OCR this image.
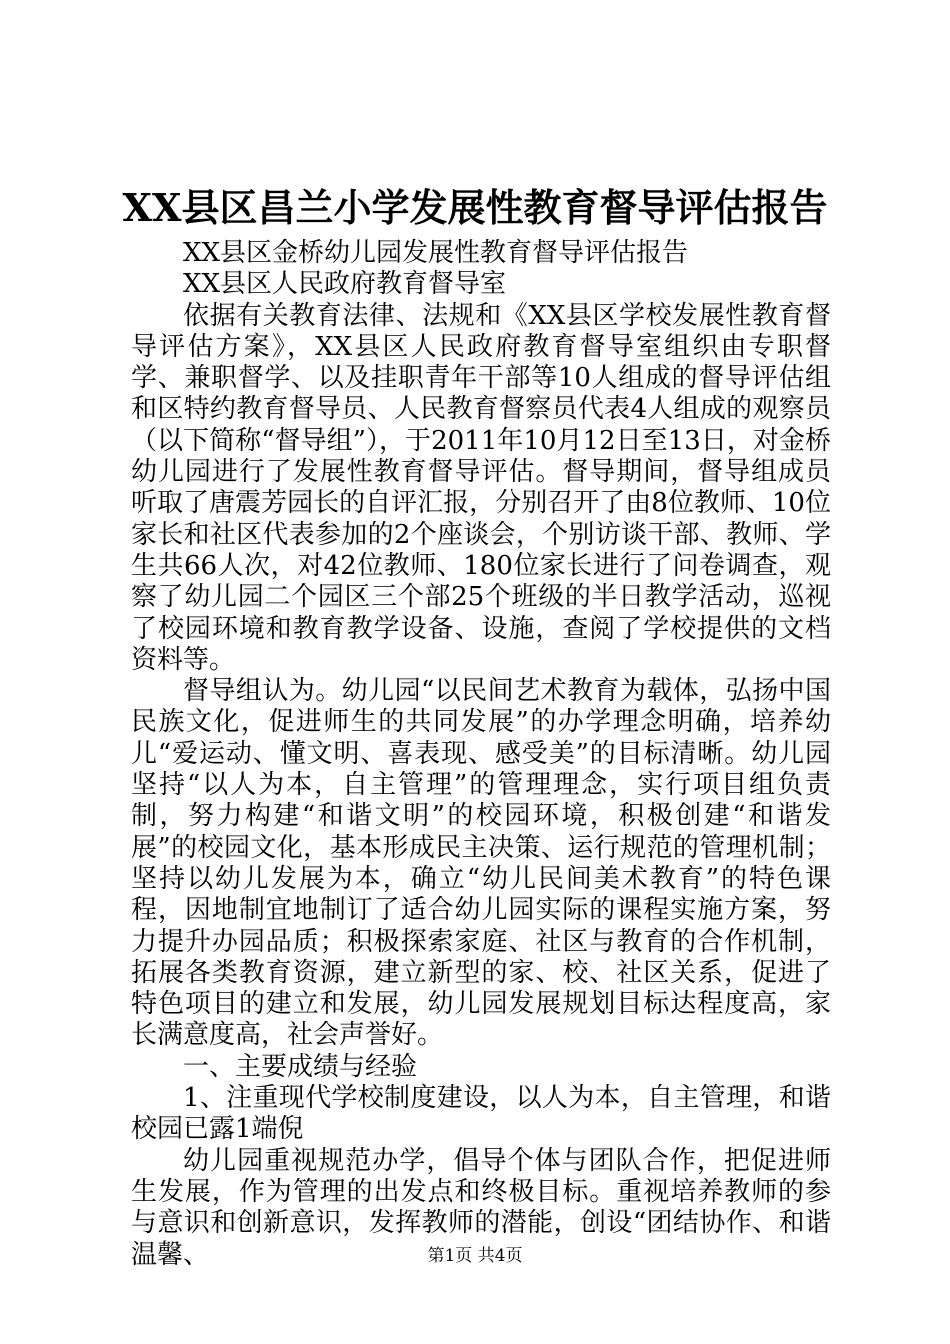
XX县区昌兰小学发展性教育督导评估报告

XX县区金桥幼儿园发展性教育督导评估报告

XX县区人民政府教育督导室

依据有关教育法律、法规和《XX县区学校发展性教育督导评估方案》，XX县区人民政府教育督导室组织由专职督学、兼职督学、以及挂职青年干部等10人组成的督导评估组和区特约教育督导员、人民教育督察员代表4人组成的观察员（以下简称“督导组”），于2011年10月12日至13日，对金桥幼儿园进行了发展性教育督导评估。督导期间，督导组成员听取了唐震芳园长的自评汇报，分别召开了由8位教师、10位家长和社区代表参加的2个座谈会，个别访谈干部、教师、学生共66人次，对42位教师、180位家长进行了问卷调查，观察了幼儿园二个园区三个部25个班级的半日教学活动，巡视了校园环境和教育教学设备、设施，查阅了学校提供的文档资料等。

督导组认为。幼儿园“以民间艺术教育为载体，弘扬中国民族文化，促进师生的共同发展”的办学理念明确，培养幼儿“爱运动、懂文明、喜表现、感受美”的目标清晰。幼儿园坚持“以人为本，自主管理”的管理理念，实行项目组负责制，努力构建“和谐文明”的校园环境，积极创建“和谐发展”的校园文化，基本形成民主决策、运行规范的管理机制；坚持以幼儿发展为本，确立“幼儿民间美术教育”的特色课程，因地制宜地制订了适合幼儿园实际的课程实施方案，努力提升办园品质；积极探索家庭、社区与教育的合作机制，拓展各类教育资源，建立新型的家、校、社区关系，促进了特色项目的建立和发展，幼儿园发展规划目标达程度高，家长满意度高，社会声誉好。

一、主要成绩与经验

1、注重现代学校制度建设，以人为本，自主管理，和谐校园已露1端倪

幼儿园重视规范办学，倡导个体与团队合作，把促进师生发展，作为管理的出发点和终极目标。重视培养教师的参与意识和创新意识，发挥教师的潜能，创设“团结协作、和谐温馨、	第1页 共4页
